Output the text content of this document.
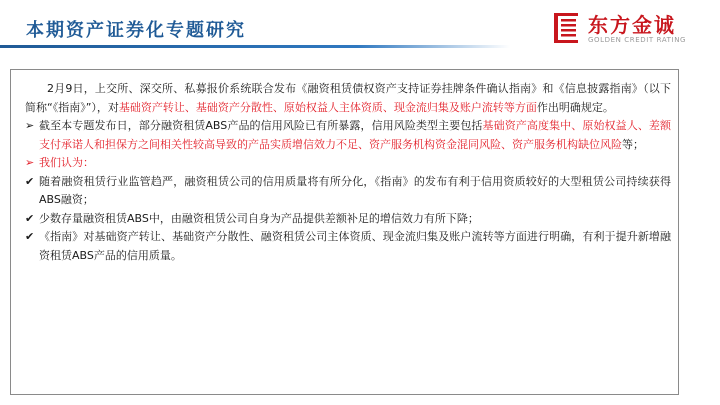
本期资产证券化专题研究	东方金诚
GOLDEN CREDIT RATING

2月9日，上交所、深交所、私募报价系统联合发布《融资租赁债权资产支持证券挂牌条件确认指南》和《信息披露指南》（以下简称“《指南》”），对基础资产转让、基础资产分散性、原始权益人主体资质、现金流归集及账户流转等方面作出明确规定。

➢ 截至本专题发布日，部分融资租赁ABS产品的信用风险已有所暴露，信用风险类型主要包括基础资产高度集中、原始权益人、差额支付承诺人和担保方之间相关性较高导致的产品实质增信效力不足、资产服务机构资金混同风险、资产服务机构缺位风险等；

➢ 我们认为：

✔ 随着融资租赁行业监管趋严，融资租赁公司的信用质量将有所分化，《指南》的发布有利于信用资质较好的大型租赁公司持续获得ABS融资；

✔ 少数存量融资租赁ABS中，由融资租赁公司自身为产品提供差额补足的增信效力有所下降；

✔ 《指南》对基础资产转让、基础资产分散性、融资租赁公司主体资质、现金流归集及账户流转等方面进行明确，有利于提升新增融资租赁ABS产品的信用质量。
